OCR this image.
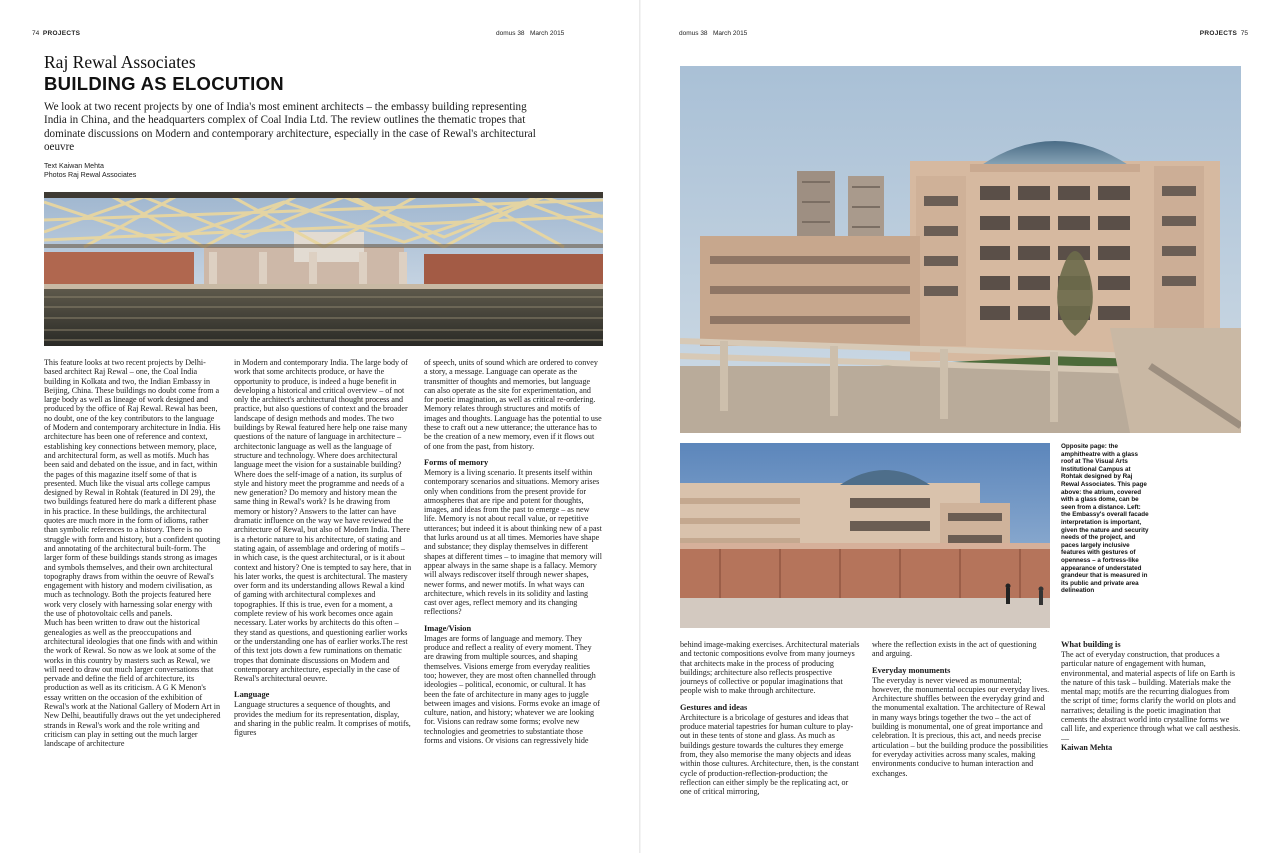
74 PROJECTS	domus 38 March 2015	domus 38 March 2015	PROJECTS 75
Raj Rewal Associates
BUILDING AS ELOCUTION
We look at two recent projects by one of India's most eminent architects – the embassy building representing India in China, and the headquarters complex of Coal India Ltd. The review outlines the thematic tropes that dominate discussions on Modern and contemporary architecture, especially in the case of Rewal's architectural oeuvre
Text Kaiwan Mehta
Photos Raj Rewal Associates

This feature looks at two recent projects by Delhi-based architect Raj Rewal – one, the Coal India building in Kolkata and two, the Indian Embassy in Beijing, China. These buildings no doubt come from a large body as well as lineage of work designed and produced by the office of Raj Rewal. Rewal has been, no doubt, one of the key contributors to the language of Modern and contemporary architecture in India. His architecture has been one of reference and context, establishing key connections between memory, place, and architectural form, as well as motifs. Much has been said and debated on the issue, and in fact, within the pages of this magazine itself some of that is presented. Much like the visual arts college campus designed by Rewal in Rohtak (featured in DI 29), the two buildings featured here do mark a different phase in his practice. In these buildings, the architectural quotes are much more in the form of idioms, rather than symbolic references to a history. There is no struggle with form and history, but a confident quoting and annotating of the architectural built-form. The larger form of these buildings stands strong as images and symbols themselves, and their own architectural topography draws from within the oeuvre of Rewal's engagement with history and modern civilisation, as much as technology. Both the projects featured here work very closely with harnessing solar energy with the use of photovoltaic cells and panels.

Much has been written to draw out the historical genealogies as well as the preoccupations and architectural ideologies that one finds with and within the work of Rewal. So now as we look at some of the works in this country by masters such as Rewal, we will need to draw out much larger conversations that pervade and define the field of architecture, its production as well as its criticism. A G K Menon's essay written on the occasion of the exhibition of Rewal's work at the National Gallery of Modern Art in New Delhi, beautifully draws out the yet undeciphered strands in Rewal's work and the role writing and criticism can play in setting out the much larger landscape of architecture

in Modern and contemporary India. The large body of work that some architects produce, or have the opportunity to produce, is indeed a huge benefit in developing a historical and critical overview – of not only the architect's architectural thought process and practice, but also questions of context and the broader landscape of design methods and modes. The two buildings by Rewal featured here help one raise many questions of the nature of language in architecture – architectonic language as well as the language of structure and technology. Where does architectural language meet the vision for a sustainable building? Where does the self-image of a nation, its surplus of style and history meet the programme and needs of a new generation? Do memory and history mean the same thing in Rewal's work? Is he drawing from memory or history? Answers to the latter can have dramatic influence on the way we have reviewed the architecture of Rewal, but also of Modern India. There is a rhetoric nature to his architecture, of stating and stating again, of assemblage and ordering of motifs – in which case, is the quest architectural, or is it about context and history? One is tempted to say here, that in his later works, the quest is architectural. The mastery over form and its understanding allows Rewal a kind of gaming with architectural complexes and topographies. If this is true, even for a moment, a complete review of his work becomes once again necessary. Later works by architects do this often – they stand as questions, and questioning earlier works or the understanding one has of earlier works.The rest of this text jots down a few ruminations on thematic tropes that dominate discussions on Modern and contemporary architecture, especially in the case of Rewal's architectural oeuvre.

Language

Language structures a sequence of thoughts, and provides the medium for its representation, display, and sharing in the public realm. It comprises of motifs, figures

of speech, units of sound which are ordered to convey a story, a message. Language can operate as the transmitter of thoughts and memories, but language can also operate as the site for experimentation, and for poetic imagination, as well as critical re-ordering. Memory relates through structures and motifs of images and thoughts. Language has the potential to use these to craft out a new utterance; the utterance has to be the creation of a new memory, even if it flows out of one from the past, from history.

Forms of memory

Memory is a living scenario. It presents itself within contemporary scenarios and situations. Memory arises only when conditions from the present provide for atmospheres that are ripe and potent for thoughts, images, and ideas from the past to emerge – as new life. Memory is not about recall value, or repetitive utterances; but indeed it is about thinking new of a past that lurks around us at all times. Memories have shape and substance; they display themselves in different shapes at different times – to imagine that memory will appear always in the same shape is a fallacy. Memory will always rediscover itself through newer shapes, newer forms, and newer motifs. In what ways can architecture, which revels in its solidity and lasting cast over ages, reflect memory and its changing reflections?

Image/Vision

Images are forms of language and memory. They produce and reflect a reality of every moment. They are drawing from multiple sources, and shaping themselves. Visions emerge from everyday realities too; however, they are most often channelled through ideologies – political, economic, or cultural. It has been the fate of architecture in many ages to juggle between images and visions. Forms evoke an image of culture, nation, and history; whatever we are looking for. Visions can redraw some forms; evolve new technologies and geometries to substantiate those forms and visions. Or visions can regressively hide

Opposite page: the amphitheatre with a glass roof at The Visual Arts Institutional Campus at Rohtak designed by Raj Rewal Associates. This page above: the atrium, covered with a glass dome, can be seen from a distance. Left: the Embassy's overall facade interpretation is important, given the nature and security needs of the project, and paces largely inclusive features with gestures of openness – a fortress-like appearance of understated grandeur that is measured in its public and private area delineation

behind image-making exercises. Architectural materials and tectonic compositions evolve from many journeys that architects make in the process of producing buildings; architecture also reflects prospective journeys of collective or popular imaginations that people wish to make through architecture.

Gestures and ideas

Architecture is a bricolage of gestures and ideas that produce material tapestries for human culture to play-out in these tents of stone and glass. As much as buildings gesture towards the cultures they emerge from, they also memorise the many objects and ideas within those cultures. Architecture, then, is the constant cycle of production-reflection-production; the reflection can either simply be the replicating act, or one of critical mirroring,

where the reflection exists in the act of questioning and arguing.

Everyday monuments

The everyday is never viewed as monumental; however, the monumental occupies our everyday lives. Architecture shuffles between the everyday grind and the monumental exaltation. The architecture of Rewal in many ways brings together the two – the act of building is monumental, one of great importance and celebration. It is precious, this act, and needs precise articulation – but the building produce the possibilities for everyday activities across many scales, making environments conducive to human interaction and exchanges.

What building is

The act of everyday construction, that produces a particular nature of engagement with human, environmental, and material aspects of life on Earth is the nature of this task – building. Materials make the mental map; motifs are the recurring dialogues from the script of time; forms clarify the world on plots and narratives; detailing is the poetic imagination that cements the abstract world into crystalline forms we call life, and experience through what we call aesthesis.

—

Kaiwan Mehta
